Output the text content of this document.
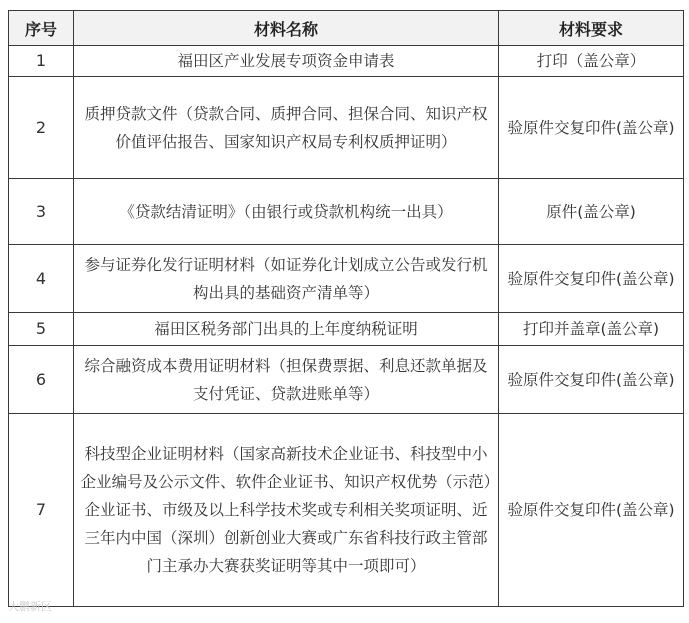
序号	材料名称	材料要求
1	福田区产业发展专项资金申请表	打印（盖公章）
2	质押贷款文件（贷款合同、质押合同、担保合同、知识产权价值评估报告、国家知识产权局专利权质押证明）	验原件交复印件(盖公章)
3	《贷款结清证明》（由银行或贷款机构统一出具）	原件(盖公章)
4	参与证券化发行证明材料（如证券化计划成立公告或发行机构出具的基础资产清单等）	验原件交复印件(盖公章)
5	福田区税务部门出具的上年度纳税证明	打印并盖章(盖公章)
6	综合融资成本费用证明材料（担保费票据、利息还款单据及支付凭证、贷款进账单等）	验原件交复印件(盖公章)
7	科技型企业证明材料（国家高新技术企业证书、科技型中小企业编号及公示文件、软件企业证书、知识产权优势（示范）企业证书、市级及以上科学技术奖或专利相关奖项证明、近三年内中国（深圳）创新创业大赛或广东省科技行政主管部门主承办大赛获奖证明等其中一项即可）	验原件交复印件(盖公章)
大鹏新区
